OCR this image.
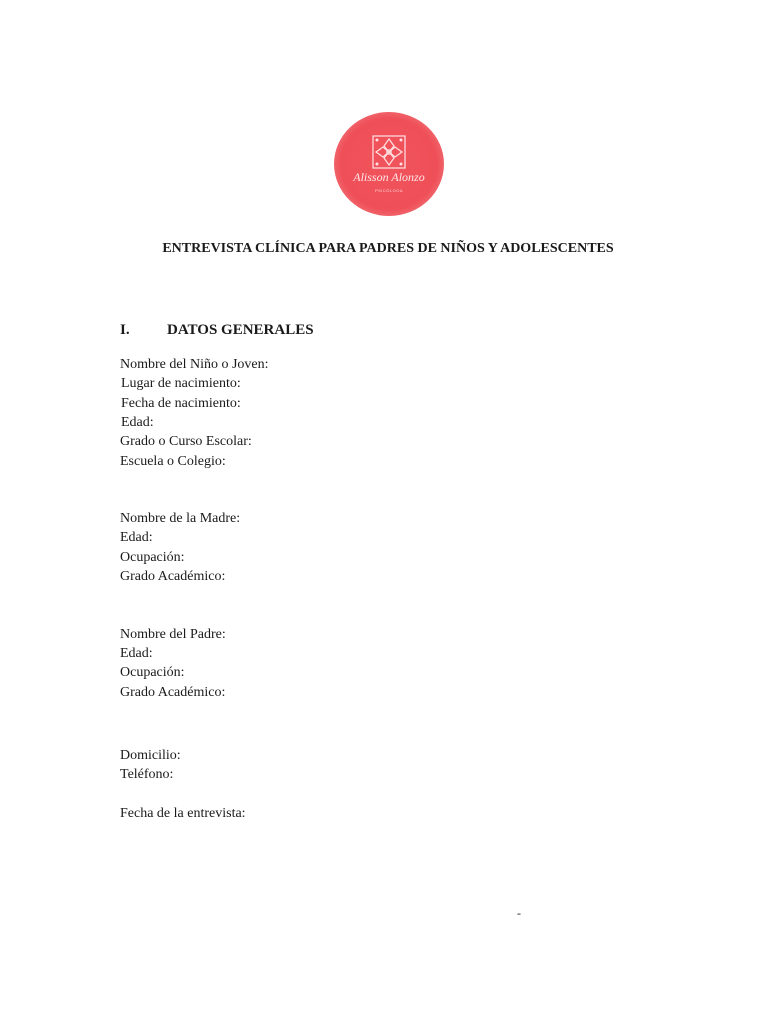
Alisson Alonzo
PSICÓLOGA
ENTREVISTA CLÍNICA PARA PADRES DE NIÑOS Y ADOLESCENTES
I. DATOS GENERALES
Nombre del Niño o Joven:
Lugar de nacimiento:
Fecha de nacimiento:
Edad:
Grado o Curso Escolar:
Escuela o Colegio:
Nombre de la Madre:
Edad:
Ocupación:
Grado Académico:
Nombre del Padre:
Edad:
Ocupación:
Grado Académico:
Domicilio:
Teléfono:
Fecha de la entrevista:
-
